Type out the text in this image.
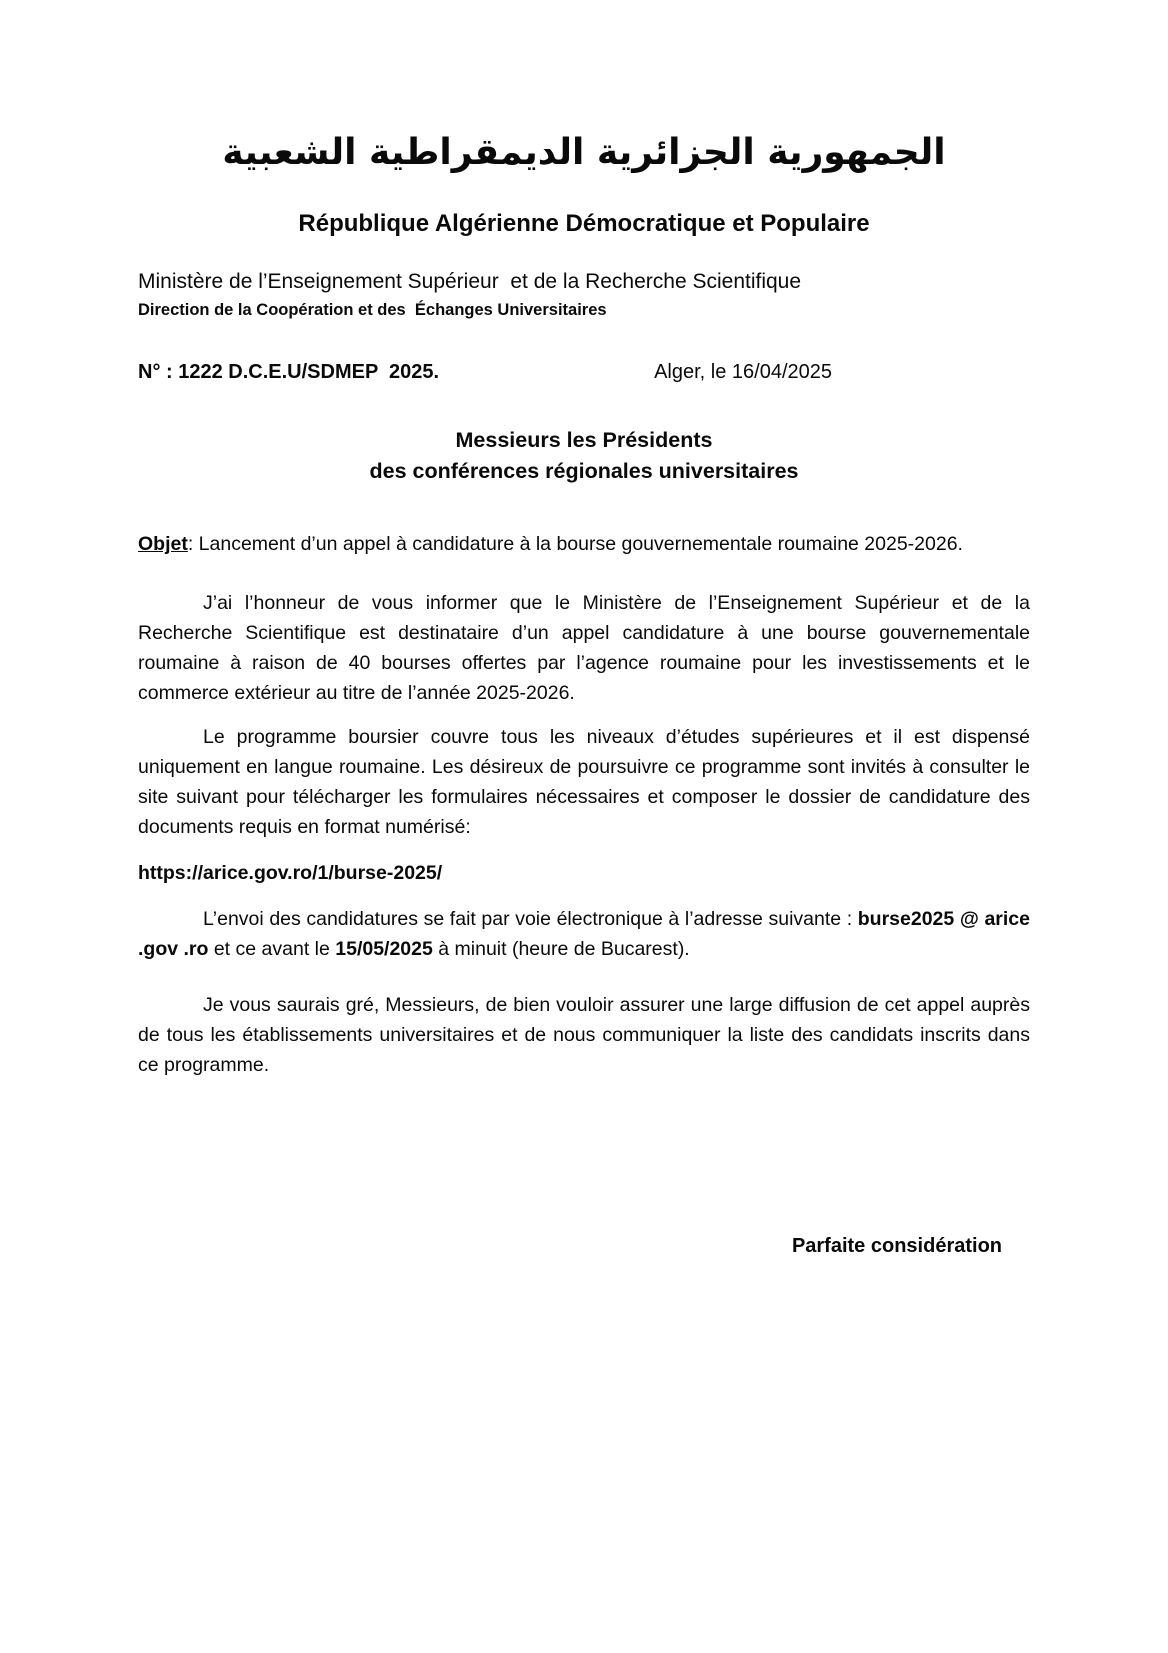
الجمهورية الجزائرية الديمقراطية الشعبية
République Algérienne Démocratique et Populaire
Ministère de l’Enseignement Supérieur  et de la Recherche Scientifique
Direction de la Coopération et des  Échanges Universitaires
N° : 1222 D.C.E.U/SDMEP  2025.	Alger, le 16/04/2025
Messieurs les Présidents
des conférences régionales universitaires

Objet: Lancement d’un appel à candidature à la bourse gouvernementale roumaine 2025-2026.

J’ai l’honneur de vous informer que le Ministère de l’Enseignement Supérieur et de la Recherche Scientifique est destinataire d’un appel candidature à une bourse gouvernementale roumaine à raison de 40 bourses offertes par l’agence roumaine pour les investissements et le commerce extérieur au titre de l’année 2025-2026.

Le programme boursier couvre tous les niveaux d’études supérieures et il est dispensé uniquement en langue roumaine. Les désireux de poursuivre ce programme sont invités à consulter le site suivant pour télécharger les formulaires nécessaires et composer le dossier de candidature des documents requis en format numérisé:

https://arice.gov.ro/1/burse-2025/

L’envoi des candidatures se fait par voie électronique à l’adresse suivante : burse2025 @ arice .gov .ro et ce avant le 15/05/2025 à minuit (heure de Bucarest).

Je vous saurais gré, Messieurs, de bien vouloir assurer une large diffusion de cet appel auprès de tous les établissements universitaires et de nous communiquer la liste des candidats inscrits dans ce programme.

Parfaite considération
